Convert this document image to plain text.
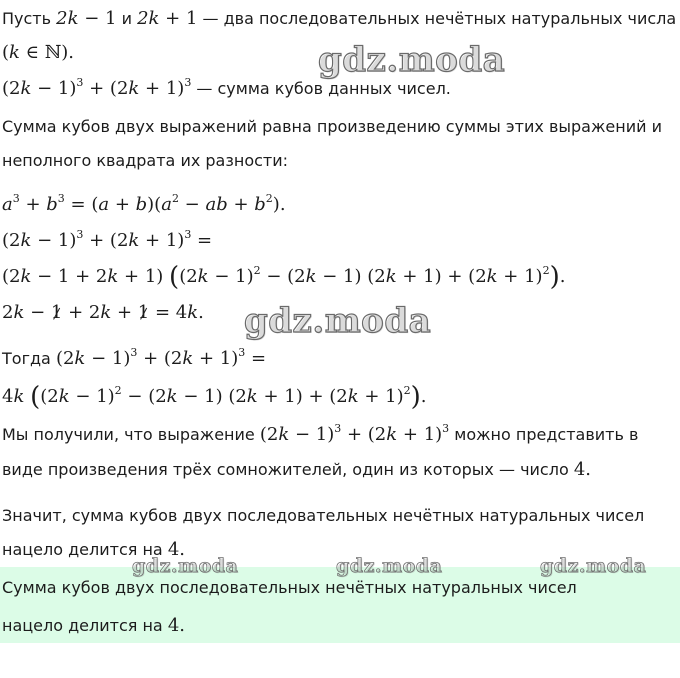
Пусть 2k − 1 и 2k + 1 — два последовательных нечётных натуральных числа
(k ∈ ℕ).
$(2k - 1)^3 + (2k + 1)^3$ — сумма кубов данных чисел.
Сумма кубов двух выражений равна произведению суммы этих выражений и
неполного квадрата их разности:
$a^3 + b^3 = (a + b)(a^2$ − ab + $b^2$).
$(2k - 1)^3 + (2k + 1)^3$ =
(2k − 1 + 2k + 1) ($(2k - 1)^2 - (2k - 1)$ $(2k + 1) + (2k + 1)^2$).
2k − 1 + 2k + 1 = 4k.
Тогда $(2k - 1)^3 + (2k + 1)^3$ =
4k ($(2k - 1)^2 - (2k - 1)$ $(2k + 1) + (2k + 1)^2$).
Мы получили, что выражение $(2k - 1)^3 + (2k + 1)^3$ можно представить в
виде произведения трёх сомножителей, один из которых — число 4.
Значит, сумма кубов двух последовательных нечётных натуральных чисел
нацело делится на 4.
Сумма кубов двух последовательных нечётных натуральных чисел
нацело делится на 4.
gdz.moda
gdz.moda
gdz.moda	gdz.moda	gdz.moda
